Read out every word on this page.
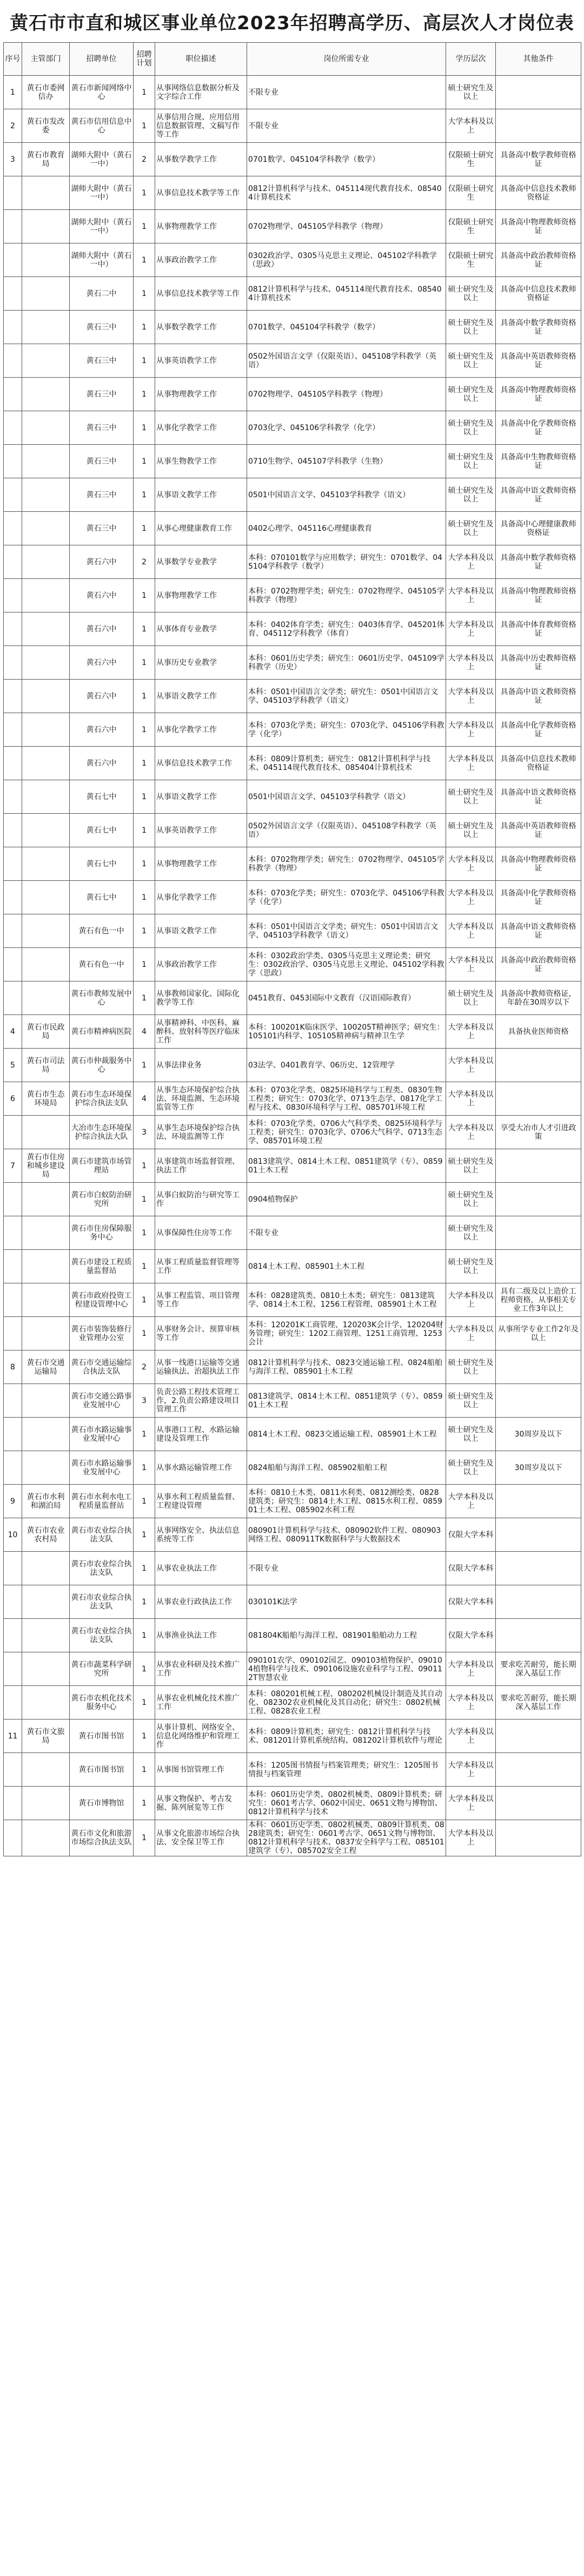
黄石市市直和城区事业单位2023年招聘高学历、高层次人才岗位表
序号	主管部门	招聘单位	招聘计划	职位描述	岗位所需专业	学历层次	其他条件
1	黄石市委网信办	黄石市新闻网络中心	1	从事网络信息数据分析及文字综合工作	不限专业	硕士研究生及以上	
2	黄石市发改委	黄石市信用信息中心	1	从事信用合规、应用信用信息数据管理、文稿写作等工作	不限专业	大学本科及以上	
3	黄石市教育局	湖师大附中（黄石一中）	2	从事数学教学工作	0701数学、045104学科教学（数学）	仅限硕士研究生	具备高中数学教师资格证
		湖师大附中（黄石一中）	1	从事信息技术教学等工作	0812计算机科学与技术、045114现代教育技术、085404计算机技术	仅限硕士研究生	具备高中信息技术教师资格证
		湖师大附中（黄石一中）	1	从事物理教学工作	0702物理学、045105学科教学（物理）	仅限硕士研究生	具备高中物理教师资格证
		湖师大附中（黄石一中）	1	从事政治教学工作	0302政治学、0305马克思主义理论、045102学科教学（思政）	仅限硕士研究生	具备高中政治教师资格证
		黄石二中	1	从事信息技术教学等工作	0812计算机科学与技术、045114现代教育技术、085404计算机技术	硕士研究生及以上	具备高中信息技术教师资格证
		黄石三中	1	从事数学教学工作	0701数学、045104学科教学（数学）	硕士研究生及以上	具备高中数学教师资格证
		黄石三中	1	从事英语教学工作	0502外国语言文学（仅限英语）、045108学科教学（英语）	硕士研究生及以上	具备高中英语教师资格证
		黄石三中	1	从事物理教学工作	0702物理学、045105学科教学（物理）	硕士研究生及以上	具备高中物理教师资格证
		黄石三中	1	从事化学教学工作	0703化学、045106学科教学（化学）	硕士研究生及以上	具备高中化学教师资格证
		黄石三中	1	从事生物教学工作	0710生物学、045107学科教学（生物）	硕士研究生及以上	具备高中生物教师资格证
		黄石三中	1	从事语文教学工作	0501中国语言文学、045103学科教学（语文）	硕士研究生及以上	具备高中语文教师资格证
		黄石三中	1	从事心理健康教育工作	0402心理学、045116心理健康教育	硕士研究生及以上	具备高中心理健康教师资格证
		黄石六中	2	从事数学专业教学	本科：070101数学与应用数学；研究生：0701数学、045104学科教学（数学）	大学本科及以上	具备高中数学教师资格证
		黄石六中	1	从事物理教学工作	本科：0702物理学类；研究生：0702物理学、045105学科教学（物理）	大学本科及以上	具备高中物理教师资格证
		黄石六中	1	从事体育专业教学	本科：0402体育学类；研究生：0403体育学、045201体育、045112学科教学（体育）	大学本科及以上	具备高中体育教师资格证
		黄石六中	1	从事历史专业教学	本科：0601历史学类；研究生：0601历史学、045109学科教学（历史）	大学本科及以上	具备高中历史教师资格证
		黄石六中	1	从事语文教学工作	本科：0501中国语言文学类；研究生：0501中国语言文学、045103学科教学（语文）	大学本科及以上	具备高中语文教师资格证
		黄石六中	1	从事化学教学工作	本科：0703化学类；研究生：0703化学、045106学科教学（化学）	大学本科及以上	具备高中化学教师资格证
		黄石六中	1	从事信息技术教学工作	本科：0809计算机类；研究生：0812计算机科学与技术、045114现代教育技术、085404计算机技术	大学本科及以上	具备高中信息技术教师资格证
		黄石七中	1	从事语文教学工作	0501中国语言文学、045103学科教学（语文）	硕士研究生及以上	具备高中语文教师资格证
		黄石七中	1	从事英语教学工作	0502外国语言文学（仅限英语）、045108学科教学（英语）	硕士研究生及以上	具备高中英语教师资格证
		黄石七中	1	从事物理教学工作	本科：0702物理学类；研究生：0702物理学、045105学科教学（物理）	大学本科及以上	具备高中物理教师资格证
		黄石七中	1	从事化学教学工作	本科：0703化学类；研究生：0703化学、045106学科教学（化学）	大学本科及以上	具备高中化学教师资格证
		黄石有色一中	1	从事语文教学工作	本科：0501中国语言文学类；研究生：0501中国语言文学、045103学科教学（语文）	大学本科及以上	具备高中语文教师资格证
		黄石有色一中	1	从事政治教学工作	本科：0302政治学类、0305马克思主义理论类；研究生：0302政治学、0305马克思主义理论、045102学科教学（思政）	大学本科及以上	具备高中政治教师资格证
		黄石市教师发展中心	1	从事教师国家化、国际化教学等工作	0451教育、0453国际中文教育（汉语国际教育）	硕士研究生及以上	具备高中教师资格证，年龄在30周岁以下
4	黄石市民政局	黄石市精神病医院	4	从事精神科、中医科、麻醉科、放射科等医疗临床工作	本科：100201K临床医学、100205T精神医学；研究生：105101内科学、105105精神病与精神卫生学	大学本科及以上	具备执业医师资格
5	黄石市司法局	黄石市仲裁服务中心	1	从事法律业务	03法学、0401教育学、06历史、12管理学	大学本科及以上	
6	黄石市生态环境局	黄石市生态环境保护综合执法支队	4	从事生态环境保护综合执法、环境监测、生态环境监管等工作	本科：0703化学类、0825环境科学与工程类、0830生物工程类；研究生：0703化学、0713生态学、0817化学工程与技术、0830环境科学与工程、085701环境工程	大学本科及以上	
		大冶市生态环境保护综合执法大队	3	从事生态环境保护综合执法、环境监测等工作	本科：0703化学类、0706大气科学类、0825环境科学与工程类；研究生：0703化学、0706大气科学、0713生态学、085701环境工程	大学本科及以上	享受大冶市人才引进政策
7	黄石市住房和城乡建设局	黄石市建筑市场管理站	1	从事建筑市场监督管理、执法工作	0813建筑学、0814土木工程、0851建筑学（专）、085901土木工程	硕士研究生及以上	
		黄石市白蚁防治研究所	1	从事白蚁防治与研究等工作	0904植物保护	硕士研究生及以上	
		黄石市住房保障服务中心	1	从事保障性住房等工作	不限专业	硕士研究生及以上	
		黄石市建设工程质量监督站	1	从事工程质量监督管理等工作	0814土木工程、085901土木工程	硕士研究生及以上	
		黄石市政府投资工程建设管理中心	1	从事工程监管、项目管理等工作	本科：0828建筑类、0810土木类；研究生：0813建筑学、0814土木工程、1256工程管理、085901土木工程	大学本科及以上	具有二级及以上造价工程师资格，从事相关专业工作3年以上
		黄石市装饰装修行业管理办公室	1	从事财务会计、预算审核等工作	本科：120201K工商管理、120203K会计学、120204财务管理；研究生：1202工商管理、1251工商管理、1253会计	大学本科及以上	从事所学专业工作2年及以上
8	黄石市交通运输局	黄石市交通运输综合执法支队	2	从事一线港口运输等交通运输执法、治超执法工作	0812计算机科学与技术、0823交通运输工程、0824船舶与海洋工程、085901土木工程	硕士研究生及以上	
		黄石市交通公路事业发展中心	3	负责公路工程技术管理工作，2.负责公路建设项目管理工作	0813建筑学、0814土木工程、0851建筑学（专）、085901土木工程	硕士研究生及以上	
		黄石市水路运输事业发展中心	1	从事港口工程、水路运输建设及管理工作	0814土木工程、0823交通运输工程、085901土木工程	硕士研究生及以上	30周岁及以下
		黄石市水路运输事业发展中心	1	从事水路运输管理工作	0824船舶与海洋工程、085902船舶工程	硕士研究生及以上	30周岁及以下
9	黄石市水利和湖泊局	黄石市水利水电工程质量监督站	1	从事水利工程质量监督、工程建设管理	本科：0810土木类、0811水利类、0812测绘类、0828建筑类；研究生：0814土木工程、0815水利工程、085901土木工程、085902水利工程	大学本科及以上	
10	黄石市农业农村局	黄石市农业综合执法支队	1	从事网络安全、执法信息系统等工作	080901计算机科学与技术、080902软件工程、080903网络工程、080911TK数据科学与大数据技术	仅限大学本科	
		黄石市农业综合执法支队	1	从事农业执法工作	不限专业	仅限大学本科	
		黄石市农业综合执法支队	1	从事农业行政执法工作	030101K法学	仅限大学本科	
		黄石市农业综合执法支队	1	从事渔业执法工作	081804K船舶与海洋工程、081901船舶动力工程	仅限大学本科	
		黄石市蔬菜科学研究所	1	从事农业科研及技术推广工作	090101农学、090102园艺、090103植物保护、090104植物科学与技术、090106设施农业科学与工程、090112T智慧农业	大学本科及以上	要求吃苦耐劳，能长期深入基层工作
		黄石市农机化技术服务中心	1	从事农业机械化技术推广工作	本科：080201机械工程、080202机械设计制造及其自动化、082302农业机械化及其自动化；研究生：0802机械工程、0828农业工程	大学本科及以上	要求吃苦耐劳，能长期深入基层工作
11	黄石市文旅局	黄石市图书馆	1	从事计算机、网络安全、信息化网络维护和管理工作	本科：0809计算机类；研究生：0812计算机科学与技术、081201计算机系统结构、081202计算机软件与理论	大学本科及以上	
		黄石市图书馆	1	从事图书馆管理工作	本科：1205图书情报与档案管理类；研究生：1205图书情报与档案管理	大学本科及以上	
		黄石市博物馆	1	从事文物保护、考古发掘、陈列展览等工作	本科：0601历史学类、0802机械类、0809计算机类；研究生：0601考古学、0602中国史、0651文物与博物馆、0812计算机科学与技术	大学本科及以上	
		黄石市文化和旅游市场综合执法支队	1	从事文化旅游市场综合执法、安全保卫等工作	本科：0601历史学类、0802机械类、0809计算机类、0828建筑类；研究生：0601考古学、0651文物与博物馆、0812计算机科学与技术、0837安全科学与工程、085101建筑学（专）、085702安全工程	大学本科及以上	
